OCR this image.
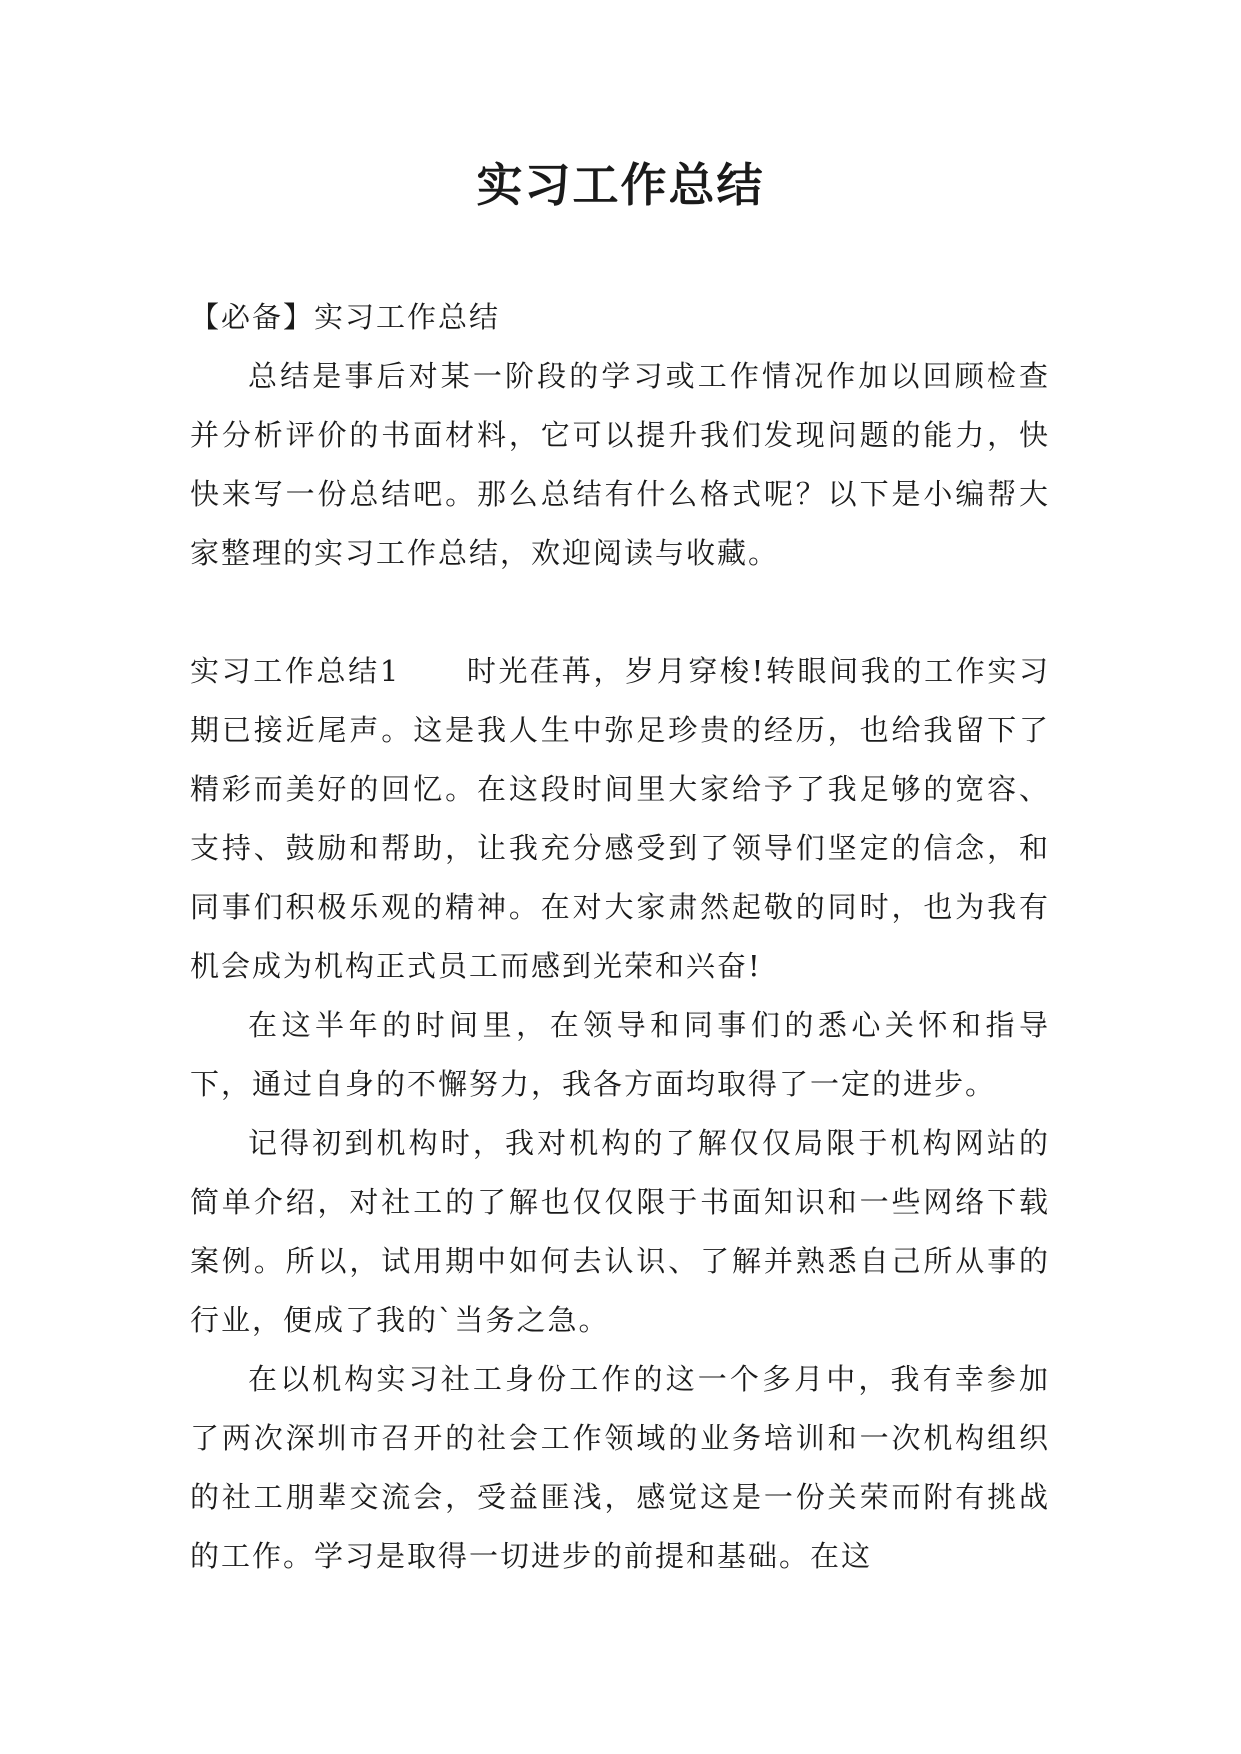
实习工作总结

【必备】实习工作总结

总结是事后对某一阶段的学习或工作情况作加以回顾检查并分析评价的书面材料，它可以提升我们发现问题的能力，快快来写一份总结吧。那么总结有什么格式呢？以下是小编帮大家整理的实习工作总结，欢迎阅读与收藏。

实习工作总结1 时光荏苒，岁月穿梭!转眼间我的工作实习期已接近尾声。这是我人生中弥足珍贵的经历，也给我留下了精彩而美好的回忆。在这段时间里大家给予了我足够的宽容、支持、鼓励和帮助，让我充分感受到了领导们坚定的信念，和同事们积极乐观的精神。在对大家肃然起敬的同时，也为我有机会成为机构正式员工而感到光荣和兴奋!

在这半年的时间里，在领导和同事们的悉心关怀和指导下，通过自身的不懈努力，我各方面均取得了一定的进步。

记得初到机构时，我对机构的了解仅仅局限于机构网站的简单介绍，对社工的了解也仅仅限于书面知识和一些网络下载案例。所以，试用期中如何去认识、了解并熟悉自己所从事的行业，便成了我的`当务之急。

在以机构实习社工身份工作的这一个多月中，我有幸参加了两次深圳市召开的社会工作领域的业务培训和一次机构组织的社工朋辈交流会，受益匪浅，感觉这是一份关荣而附有挑战的工作。学习是取得一切进步的前提和基础。在这
